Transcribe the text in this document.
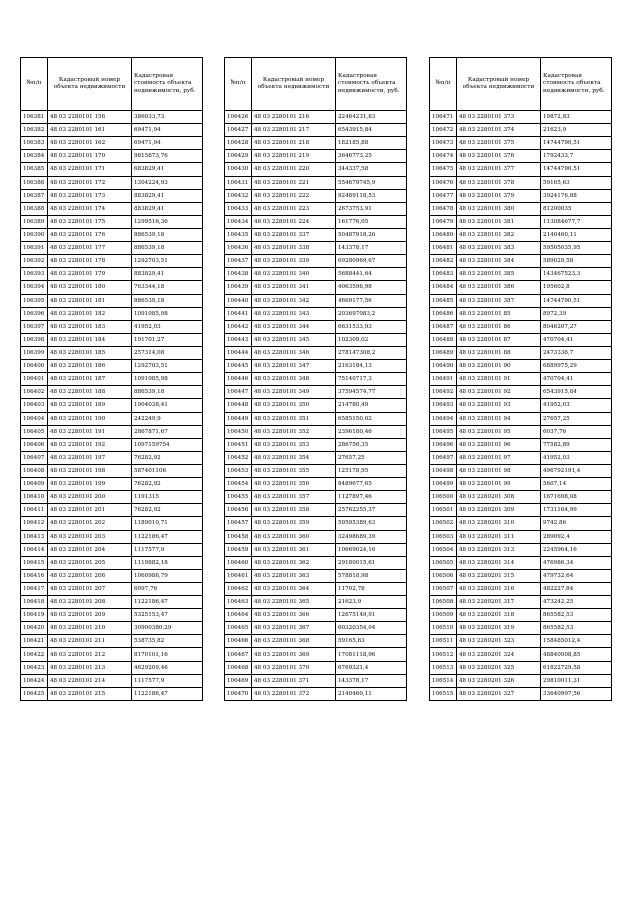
№п/п	Кадастровый номер объекта недвижимости	Кадастровая стоимость объекта недвижимости, руб.
106381	48 03 2280101 156	386033,73
106382	48 03 2280101 161	69471,94
106383	48 03 2280101 162	69471,94
106384	48 03 2280101 170	9815873,76
106385	48 03 2280101 171	683829,41
106386	48 03 2280101 172	1304224,93
106387	48 03 2280101 173	883829,41
106388	48 03 2280101 174	883829,41
106389	48 03 2280101 175	1299516,36
106390	48 03 2280101 176	886539,18
106391	48 03 2280101 177	886539,18
106392	48 03 2280101 178	1292703,51
106393	48 03 2280101 179	883829,41
106394	48 03 2280101 180	763344,18
106395	48 03 2280101 181	886539,18
106396	48 03 2280101 182	1091085,98
106397	48 03 2280101 183	41952,03
106398	48 03 2280101 184	191701,27
106399	48 03 2280101 185	257314,08
106400	48 03 2280101 186	1292703,51
106401	48 03 2280101 187	1091085,98
106402	48 03 2280101 188	886539,18
106403	48 03 2280101 189	1904038,41
106404	48 03 2280101 190	242249,9
106405	48 03 2280101 191	2867871,67
106406	48 03 2280101 192	1097159754
106407	48 03 2280101 197	76282,92
106408	48 03 2280101 198	587401106
106409	48 03 2280101 199	76282,92
106410	48 03 2280101 200	1191315
106411	48 03 2280101 201	76282,92
106412	48 03 2280101 202	1189010,71
106413	48 03 2280101 203	1122186,47
106414	48 03 2280101 204	1117577,9
106415	48 03 2280101 205	1119882,18
106416	48 03 2280101 206	1060986,79
106417	48 03 2280101 207	6097,76
106418	48 03 2280101 208	1122186,47
106419	48 03 2280101 209	5325153,47
106420	48 03 2280101 210	30900380,29
106421	48 03 2280101 211	538735,82
106422	48 03 2280101 212	8170101,16
106423	48 03 2280101 213	4629209,46
106424	48 03 2280101 214	1117577,9
106425	48 03 2280101 215	1122186,47
№п/п	Кадастровый номер объекта недвижимости	Кадастровая стоимость объекта недвижимости, руб.
106426	48 03 2280101 216	22464231,83
106427	48 03 2280101 217	6543915,84
106428	48 03 2280101 218	182185,88
106429	48 03 2280101 219	3646773,25
106430	48 03 2280101 220	344337,58
106431	48 03 2280101 221	554679745,9
106432	48 03 2280101 222	92489118,53
106433	48 03 2280101 223	2673753,91
106434	48 03 2280101 224	161776,05
106435	48 03 2280101 337	50487918,26
106436	48 03 2280101 338	143378,17
106437	48 03 2280101 339	69280969,67
106438	48 03 2280101 340	5688441,64
106439	48 03 2280101 341	4063596,98
106440	48 03 2280101 342	4669177,56
106441	48 03 2280101 343	203697083,2
106442	48 03 2280101 344	6631533,93
106443	48 03 2280101 345	102309,02
106444	48 03 2280101 346	278147308,2
106445	48 03 2280101 347	2163184,13
106446	48 03 2280101 348	75140717,3
106447	48 03 2280101 349	37594574,77
106448	48 03 2280101 350	214780,49
106449	48 03 2280101 351	6585150,02
106450	48 03 2280101 352	2396180,46
106451	48 03 2280101 353	286756,35
106452	48 03 2280101 354	27657,25
106453	48 03 2280101 355	125178,95
106454	48 03 2280101 356	8489677,65
106455	48 03 2280101 357	1127897,46
106456	48 03 2280101 358	25762255,37
106457	48 03 2280101 359	59595389,63
106458	48 03 2280101 360	32498689,39
106459	48 03 2280101 361	10669024,16
106460	48 03 2280101 362	29180015,61
106461	48 03 2280101 363	578818,98
106462	48 03 2280101 364	11702,78
106463	48 03 2280101 365	21623,9
106464	48 03 2280101 366	12675149,91
106465	48 03 2280101 367	60320354,04
106466	48 03 2280101 368	59165,63
106467	48 03 2280101 369	17081118,96
106468	48 03 2280101 370	6769321,4
106469	48 03 2280101 371	143378,17
106470	48 03 2280101 372	2140460,11
№п/п	Кадастровый номер объекта недвижимости	Кадастровая стоимость объекта недвижимости, руб.
106471	48 03 2280101 373	19872,83
106472	48 03 2280101 374	21623,9
106473	48 03 2280101 375	14744790,51
106474	48 03 2280101 376	1792433,7
106475	48 03 2280101 377	14744790,51
106476	48 03 2280101 378	59165,63
106477	48 03 2280101 379	3924176,88
106478	48 03 2280101 380	81200035
106479	48 03 2280101 381	113084677,7
106480	48 03 2280101 382	2140460,11
106481	48 03 2280101 383	59505035,95
106482	48 03 2280101 384	589029,58
106483	48 03 2280101 385	143467523,3
106484	48 03 2280101 386	195602,8
106485	48 03 2280101 387	14744790,51
106486	48 03 2280101 85	8972,39
106487	48 03 2280101 86	8046207,27
106488	48 03 2280101 87	470704,41
106489	48 03 2280101 88	2473336,7
106490	48 03 2280101 90	6889975,29
106491	48 03 2280101 91	470704,41
106492	48 03 2280101 92	6543915,84
106493	48 03 2280101 93	41952,03
106494	48 03 2280101 94	27657,25
106495	48 03 2280101 95	6037,76
106496	48 03 2280101 96	77582,89
106497	48 03 2280101 97	41952,03
106498	48 03 2280101 98	496792191,4
106499	48 03 2280101 99	5607,14
106500	48 03 2280201 308	1671698,08
106501	48 03 2280201 309	1731164,99
106502	48 03 2280201 310	9742,86
106503	48 03 2280201 311	289092,4
106504	48 03 2280201 313	2245964,16
106505	48 03 2280201 314	476986,34
106506	48 03 2280201 315	479732,64
106507	48 03 2280201 316	482227,84
106508	48 03 2280201 317	473242,25
106509	48 03 2280201 318	865582,53
106510	48 03 2280201 319	865582,53
106511	48 03 2280201 323	158485012,4
106512	48 03 2280201 324	48840008,85
106513	48 03 2280201 325	61822729,58
106514	48 03 2280201 326	29810011,31
106515	48 03 2280201 327	33640997,56
